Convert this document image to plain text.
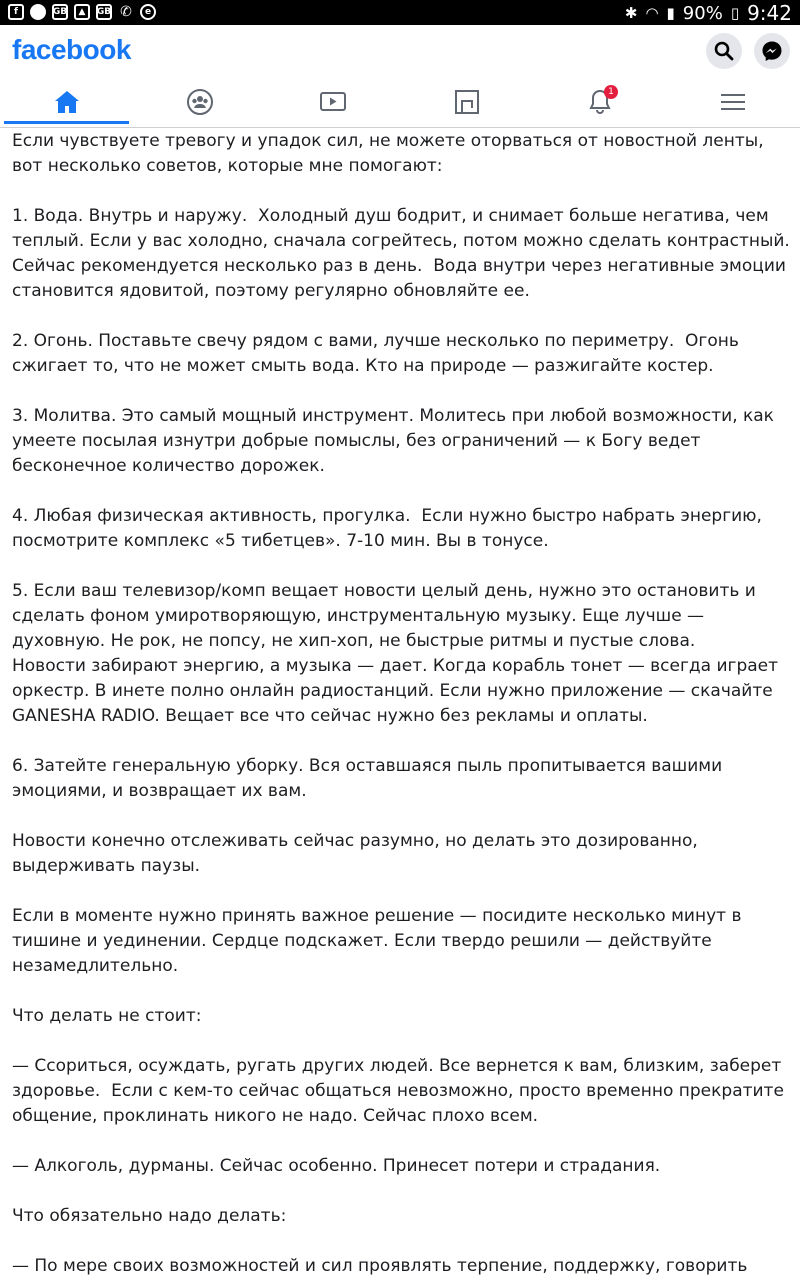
f	GB	▲	GB ✆	e	✱ ◠ ▮ 90% ▯ 9:42
facebook
1

Если чувствуете тревогу и упадок сил, не можете оторваться от новостной ленты,
вот несколько советов, которые мне помогают:

1. Вода. Внутрь и наружу.  Холодный душ бодрит, и снимает больше негатива, чем
теплый. Если у вас холодно, сначала согрейтесь, потом можно сделать контрастный.
Сейчас рекомендуется несколько раз в день.  Вода внутри через негативные эмоции
становится ядовитой, поэтому регулярно обновляйте ее.

2. Огонь. Поставьте свечу рядом с вами, лучше несколько по периметру.  Огонь
сжигает то, что не может смыть вода. Кто на природе — разжигайте костер.

3. Молитва. Это самый мощный инструмент. Молитесь при любой возможности, как
умеете посылая изнутри добрые помыслы, без ограничений — к Богу ведет
бесконечное количество дорожек.

4. Любая физическая активность, прогулка.  Если нужно быстро набрать энергию,
посмотрите комплекс «5 тибетцев». 7-10 мин. Вы в тонусе.

5. Если ваш телевизор/комп вещает новости целый день, нужно это остановить и
сделать фоном умиротворяющую, инструментальную музыку. Еще лучше —
духовную. Не рок, не попсу, не хип-хоп, не быстрые ритмы и пустые слова.
Новости забирают энергию, а музыка — дает. Когда корабль тонет — всегда играет
оркестр. В инете полно онлайн радиостанций. Если нужно приложение — скачайте
GANESHA RADIO. Вещает все что сейчас нужно без рекламы и оплаты.

6. Затейте генеральную уборку. Вся оставшаяся пыль пропитывается вашими
эмоциями, и возвращает их вам.

Новости конечно отслеживать сейчас разумно, но делать это дозированно,
выдерживать паузы.

Если в моменте нужно принять важное решение — посидите несколько минут в
тишине и уединении. Сердце подскажет. Если твердо решили — действуйте
незамедлительно.

Что делать не стоит:

— Ссориться, осуждать, ругать других людей. Все вернется к вам, близким, заберет
здоровье.  Если с кем-то сейчас общаться невозможно, просто временно прекратите
общение, проклинать никого не надо. Сейчас плохо всем.

— Алкоголь, дурманы. Сейчас особенно. Принесет потери и страдания.

Что обязательно надо делать:

— По мере своих возможностей и сил проявлять терпение, поддержку, говорить
